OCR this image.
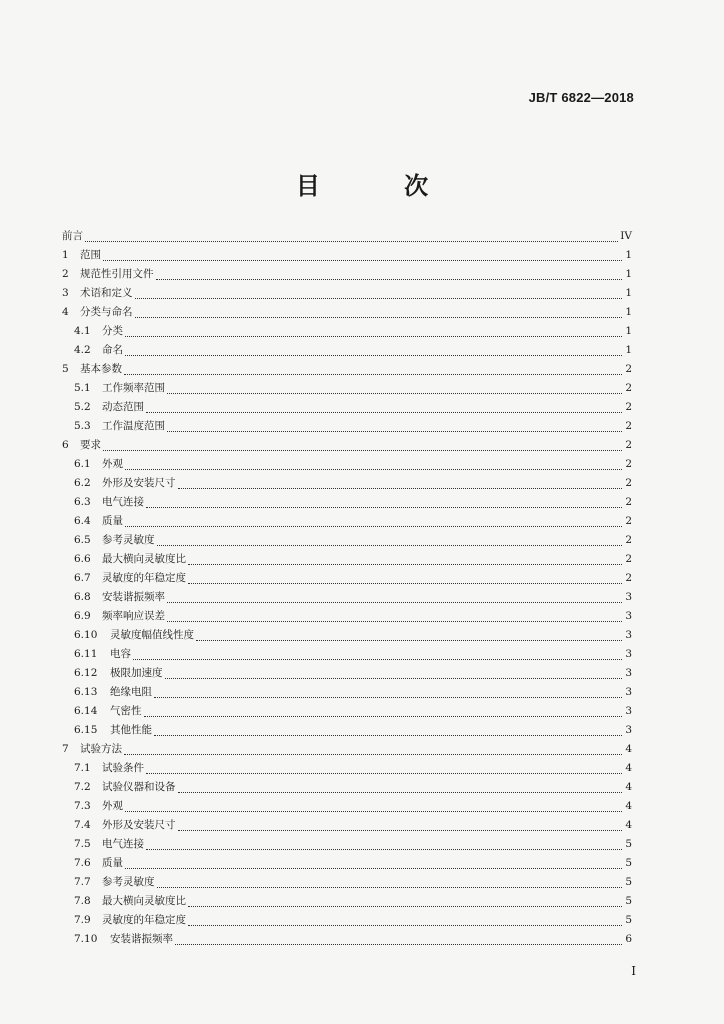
JB/T 6822—2018
目 次
前言	IV
1	范围	1
2	规范性引用文件	1
3	术语和定义	1
4	分类与命名	1
4.1	分类	1
4.2	命名	1
5	基本参数	2
5.1	工作频率范围	2
5.2	动态范围	2
5.3	工作温度范围	2
6	要求	2
6.1	外观	2
6.2	外形及安装尺寸	2
6.3	电气连接	2
6.4	质量	2
6.5	参考灵敏度	2
6.6	最大横向灵敏度比	2
6.7	灵敏度的年稳定度	2
6.8	安装谐振频率	3
6.9	频率响应误差	3
6.10	灵敏度幅值线性度	3
6.11	电容	3
6.12	极限加速度	3
6.13	绝缘电阻	3
6.14	气密性	3
6.15	其他性能	3
7	试验方法	4
7.1	试验条件	4
7.2	试验仪器和设备	4
7.3	外观	4
7.4	外形及安装尺寸	4
7.5	电气连接	5
7.6	质量	5
7.7	参考灵敏度	5
7.8	最大横向灵敏度比	5
7.9	灵敏度的年稳定度	5
7.10	安装谐振频率	6
I
